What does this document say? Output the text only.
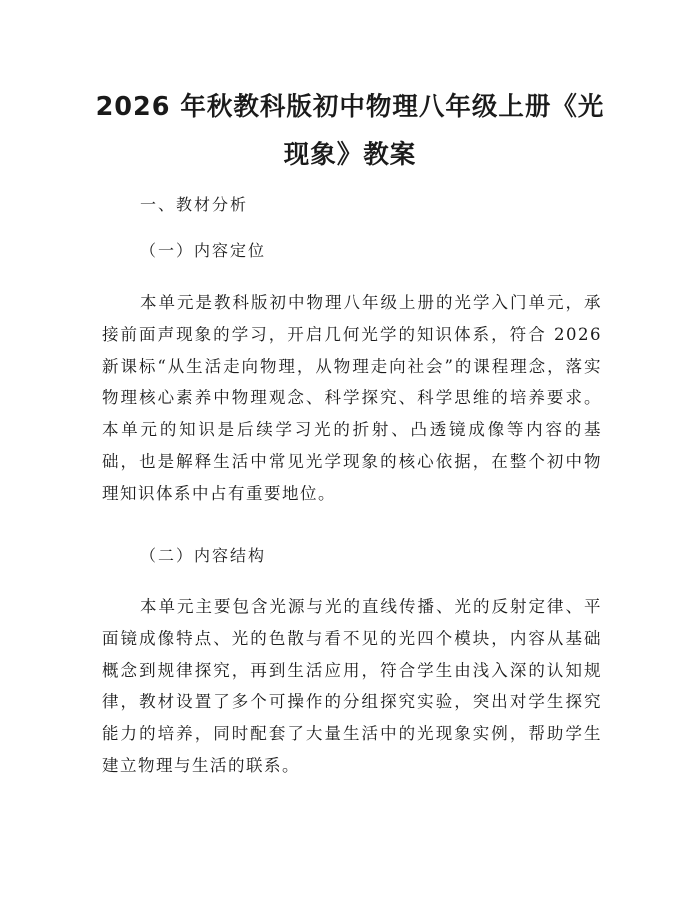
2026 年秋教科版初中物理八年级上册《光现象》教案

一、教材分析

（一）内容定位

本单元是教科版初中物理八年级上册的光学入门单元，承接前面声现象的学习，开启几何光学的知识体系，符合 2026 新课标“从生活走向物理，从物理走向社会”的课程理念，落实物理核心素养中物理观念、科学探究、科学思维的培养要求。本单元的知识是后续学习光的折射、凸透镜成像等内容的基础，也是解释生活中常见光学现象的核心依据，在整个初中物理知识体系中占有重要地位。

（二）内容结构

本单元主要包含光源与光的直线传播、光的反射定律、平面镜成像特点、光的色散与看不见的光四个模块，内容从基础概念到规律探究，再到生活应用，符合学生由浅入深的认知规律，教材设置了多个可操作的分组探究实验，突出对学生探究能力的培养，同时配套了大量生活中的光现象实例，帮助学生建立物理与生活的联系。
